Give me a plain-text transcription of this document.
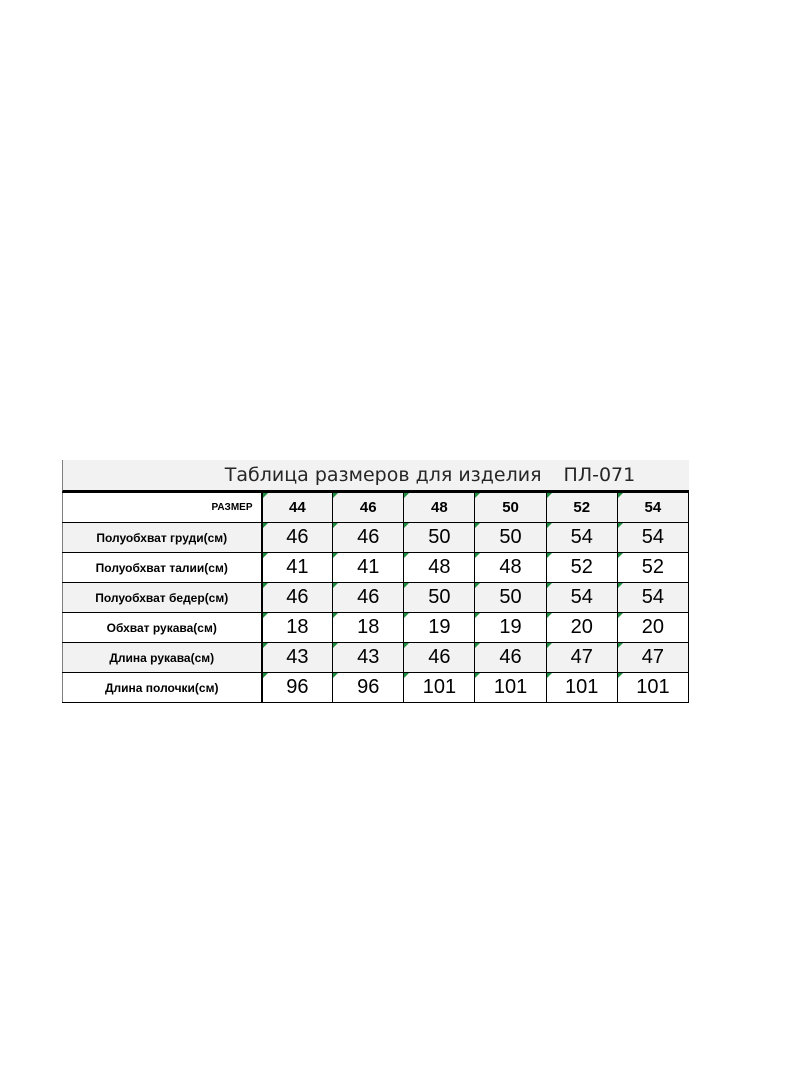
Таблица размеров для изделия ПЛ-071
РАЗМЕР	44	46	48	50	52	54
Полуобхват груди(см)	46	46	50	50	54	54
Полуобхват талии(см)	41	41	48	48	52	52
Полуобхват бедер(см)	46	46	50	50	54	54
Обхват рукава(см)	18	18	19	19	20	20
Длина рукава(см)	43	43	46	46	47	47
Длина полочки(см)	96	96	101	101	101	101
